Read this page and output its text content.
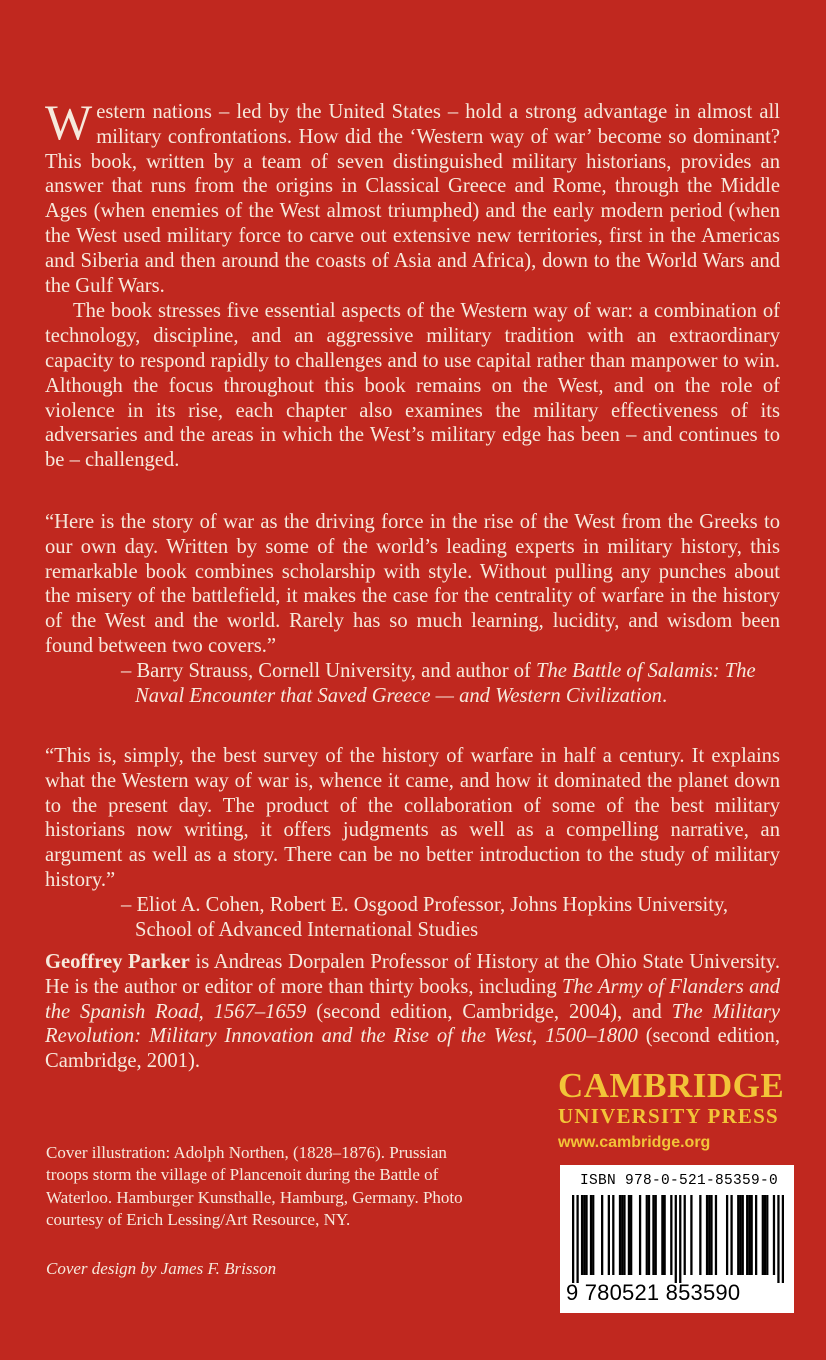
Western nations – led by the United States – hold a strong advantage in almost all military confrontations. How did the ‘Western way of war’ become so dominant? This book, written by a team of seven distinguished military historians, provides an answer that runs from the origins in Classical Greece and Rome, through the Middle Ages (when enemies of the West almost triumphed) and the early modern period (when the West used military force to carve out extensive new territories, first in the Americas and Siberia and then around the coasts of Asia and Africa), down to the World Wars and the Gulf Wars.

The book stresses five essential aspects of the Western way of war: a combination of technology, discipline, and an aggressive military tradition with an extraordinary capacity to respond rapidly to challenges and to use capital rather than manpower to win. Although the focus throughout this book remains on the West, and on the role of violence in its rise, each chapter also examines the military effectiveness of its adversaries and the areas in which the West’s military edge has been – and continues to be – challenged.

“Here is the story of war as the driving force in the rise of the West from the Greeks to our own day. Written by some of the world’s leading experts in military history, this remarkable book combines scholarship with style. Without pulling any punches about the misery of the battlefield, it makes the case for the centrality of warfare in the history of the West and the world. Rarely has so much learning, lucidity, and wisdom been found between two covers.”

– Barry Strauss, Cornell University, and author of The Battle of Salamis: The Naval Encounter that Saved Greece — and Western Civilization.

“This is, simply, the best survey of the history of warfare in half a century. It explains what the Western way of war is, whence it came, and how it dominated the planet down to the present day. The product of the collaboration of some of the best military historians now writing, it offers judgments as well as a compelling narrative, an argument as well as a story. There can be no better introduction to the study of military history.”

– Eliot A. Cohen, Robert E. Osgood Professor, Johns Hopkins University, School of Advanced International Studies

Geoffrey Parker is Andreas Dorpalen Professor of History at the Ohio State University. He is the author or editor of more than thirty books, including The Army of Flanders and the Spanish Road, 1567–1659 (second edition, Cambridge, 2004), and The Military Revolution: Military Innovation and the Rise of the West, 1500–1800 (second edition, Cambridge, 2001).

CAMBRIDGE
UNIVERSITY PRESS
www.cambridge.org
Cover illustration: Adolph Northen, (1828–1876). Prussian troops storm the village of Plancenoit during the Battle of Waterloo. Hamburger Kunsthalle, Hamburg, Germany. Photo courtesy of Erich Lessing/Art Resource, NY.
Cover design by James F. Brisson
ISBN 978-0-521-85359-0
9 780521 853590
